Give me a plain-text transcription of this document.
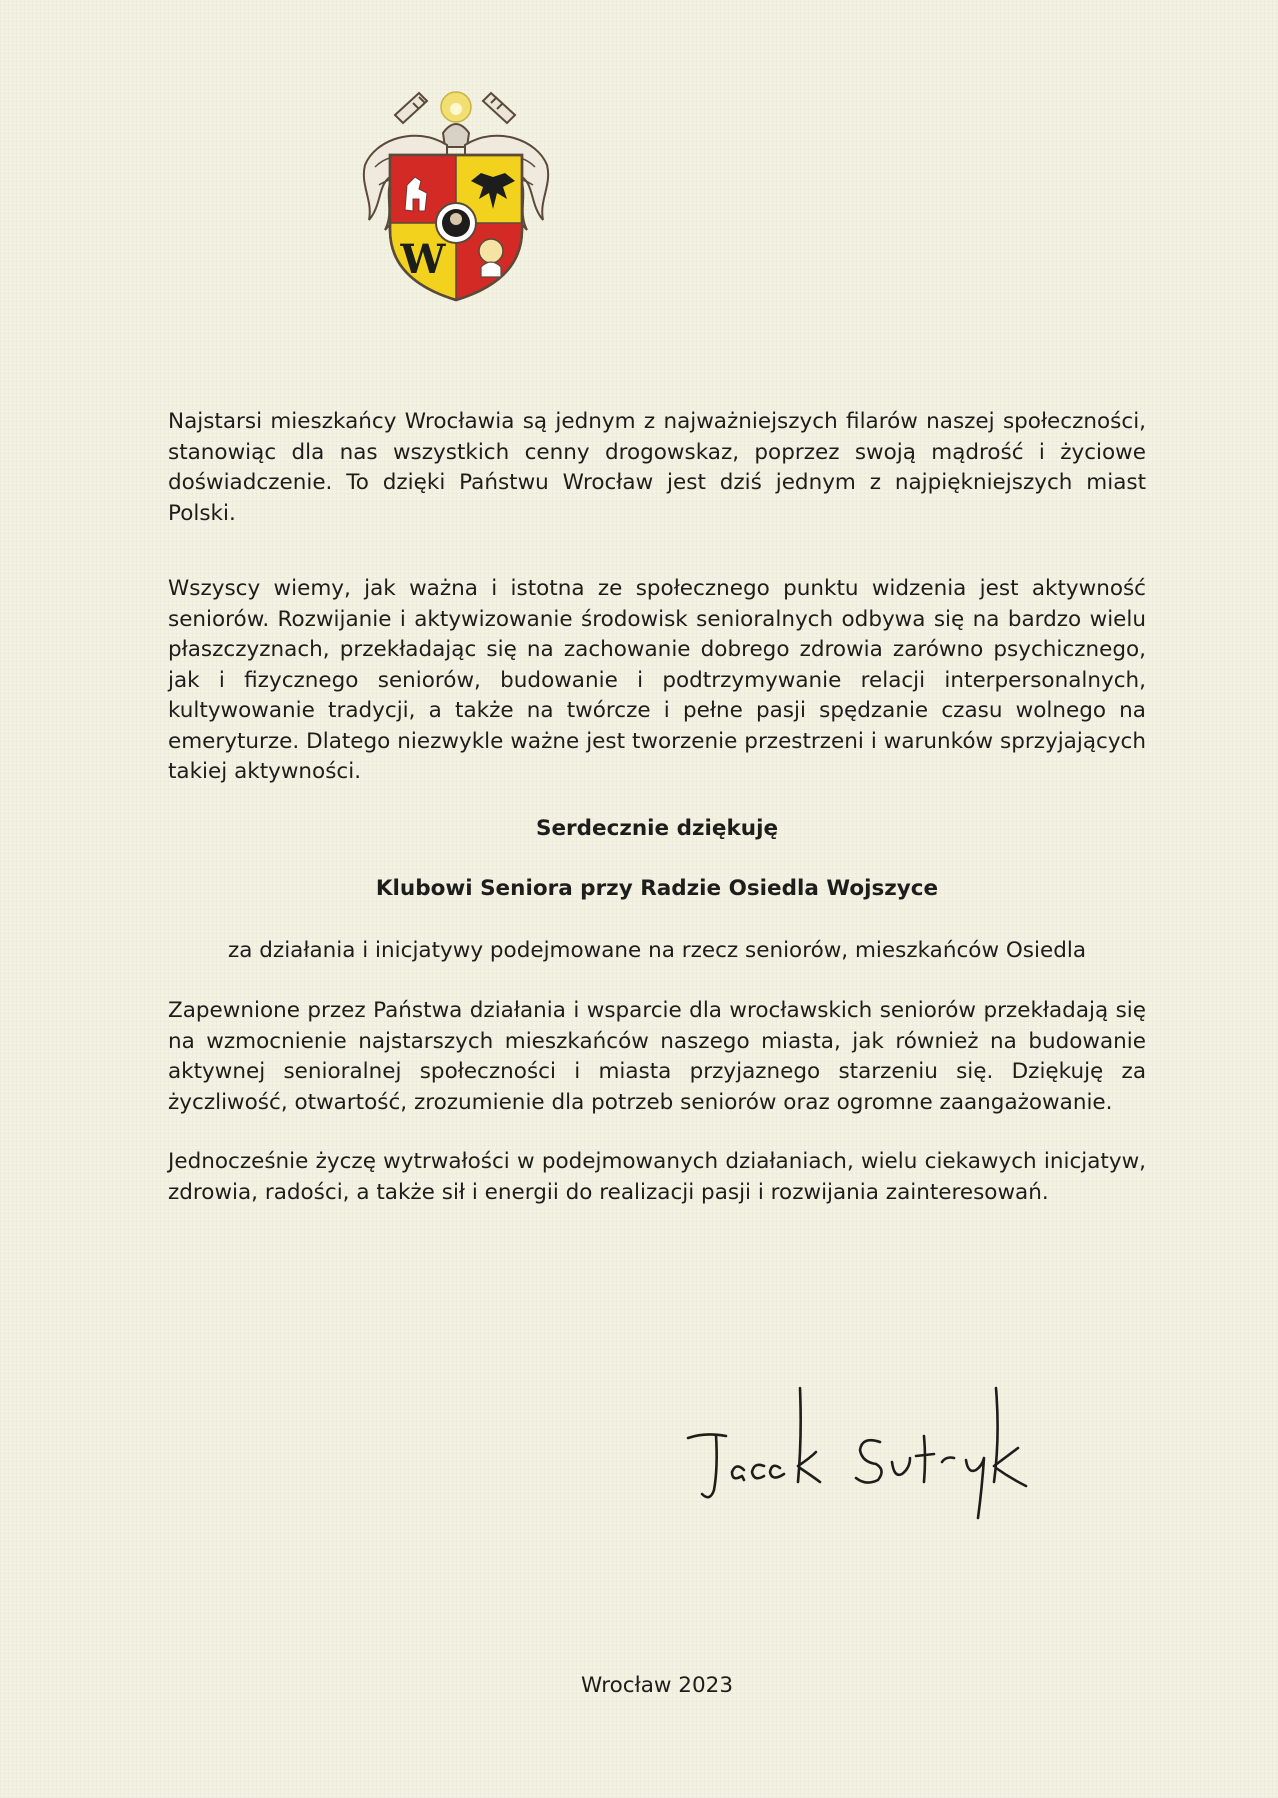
W

Najstarsi mieszkańcy Wrocławia są jednym z najważniejszych filarów naszej społeczności, stanowiąc dla nas wszystkich cenny drogowskaz, poprzez swoją mądrość i życiowe doświadczenie. To dzięki Państwu Wrocław jest dziś jednym z najpiękniejszych miast Polski.

Wszyscy wiemy, jak ważna i istotna ze społecznego punktu widzenia jest aktywność seniorów. Rozwijanie i aktywizowanie środowisk senioralnych odbywa się na bardzo wielu płaszczyznach, przekładając się na zachowanie dobrego zdrowia zarówno psychicznego, jak i fizycznego seniorów, budowanie i podtrzymywanie relacji interpersonalnych, kultywowanie tradycji, a także na twórcze i pełne pasji spędzanie czasu wolnego na emeryturze. Dlatego niezwykle ważne jest tworzenie przestrzeni i warunków sprzyjających takiej aktywności.

Serdecznie dziękuję

Klubowi Seniora przy Radzie Osiedla Wojszyce

za działania i inicjatywy podejmowane na rzecz seniorów, mieszkańców Osiedla

Zapewnione przez Państwa działania i wsparcie dla wrocławskich seniorów przekładają się na wzmocnienie najstarszych mieszkańców naszego miasta, jak również na budowanie aktywnej senioralnej społeczności i miasta przyjaznego starzeniu się. Dziękuję za życzliwość, otwartość, zrozumienie dla potrzeb seniorów oraz ogromne zaangażowanie.

Jednocześnie życzę wytrwałości w podejmowanych działaniach, wielu ciekawych inicjatyw, zdrowia, radości, a także sił i energii do realizacji pasji i rozwijania zainteresowań.

Wrocław 2023
